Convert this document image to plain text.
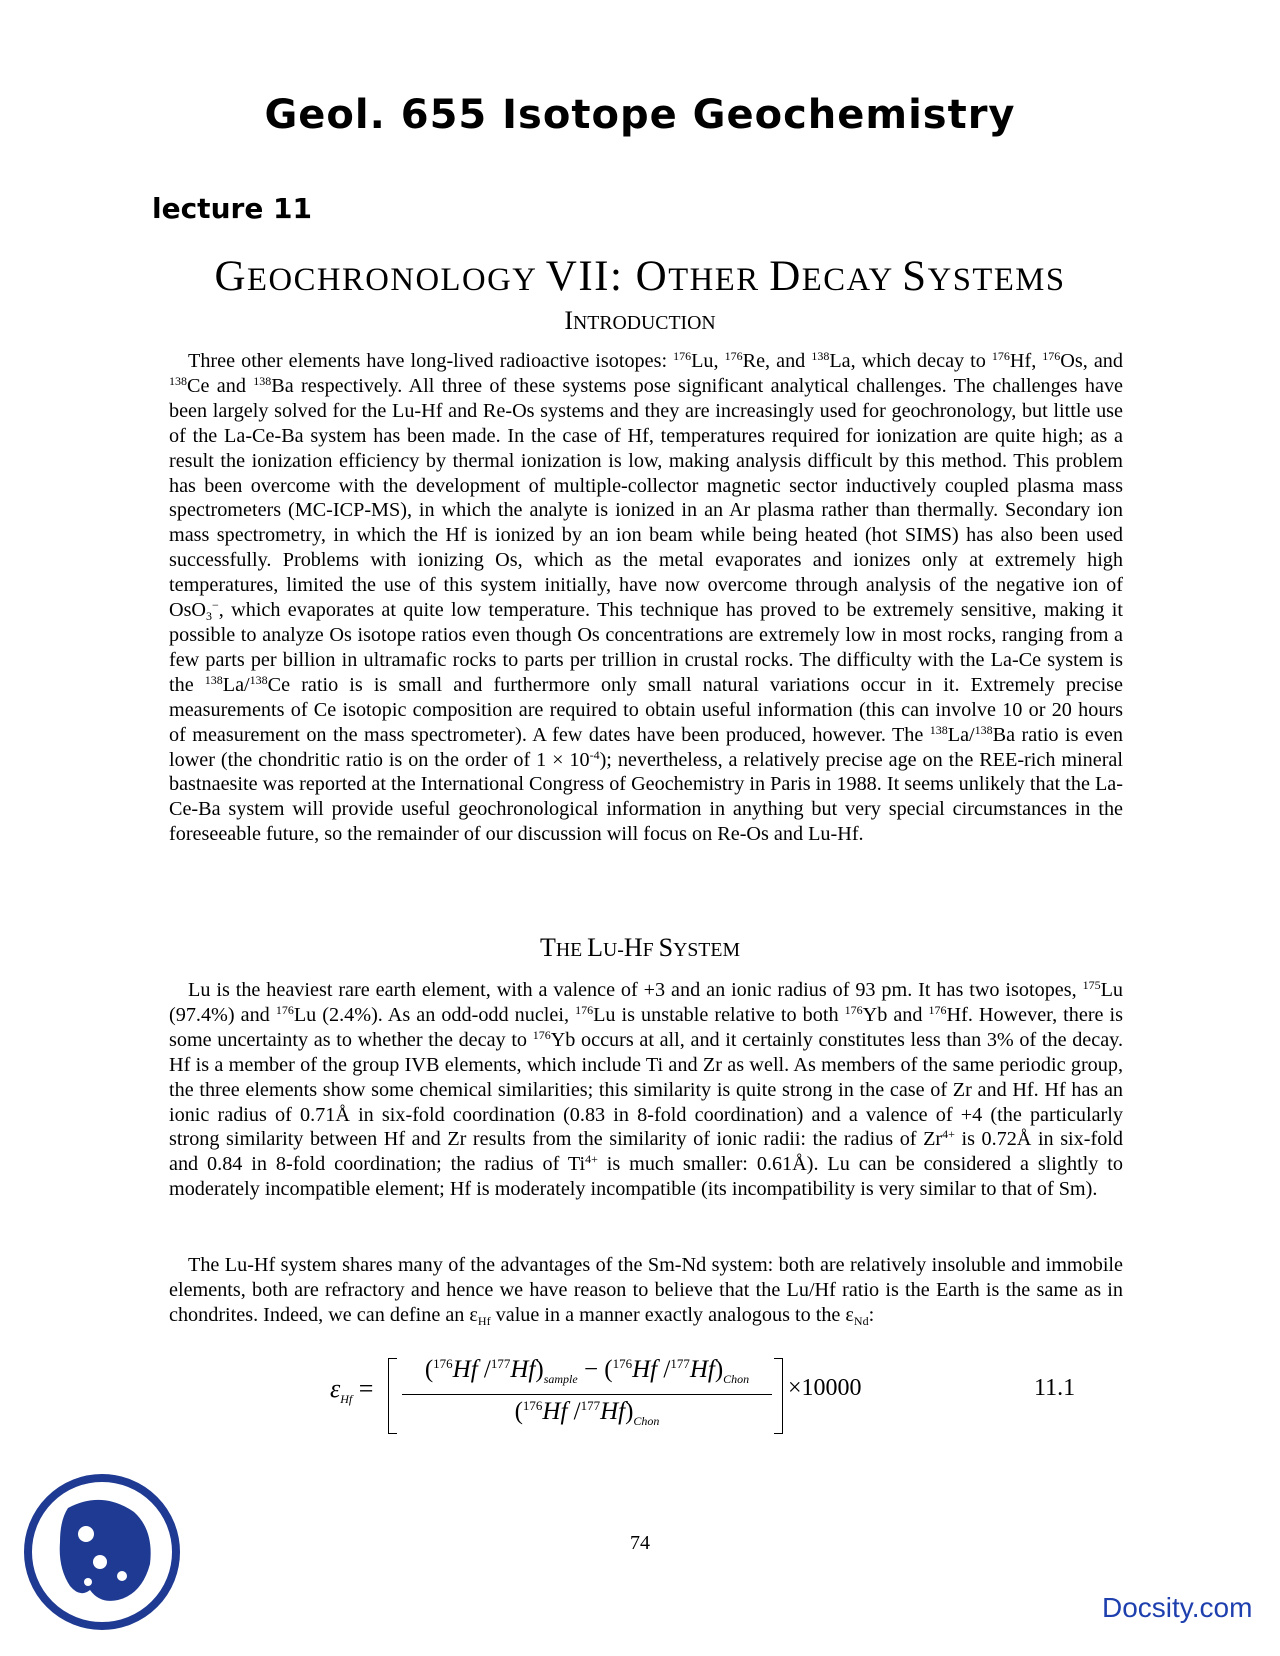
Geol. 655 Isotope Geochemistry
lecture 11
GEOCHRONOLOGY VII: OTHER DECAY SYSTEMS
INTRODUCTION

Three other elements have long-lived radioactive isotopes: $^{176}$Lu, $^{176}$Re, and $^{138}$La, which decay to $^{176}$Hf, $^{176}$Os, and $^{138}$Ce and $^{138}$Ba respectively. All three of these systems pose significant analytical challenges. The challenges have been largely solved for the Lu-Hf and Re-Os systems and they are increasingly used for geochronology, but little use of the La-Ce-Ba system has been made. In the case of Hf, temperatures required for ionization are quite high; as a result the ionization efficiency by thermal ionization is low, making analysis difficult by this method. This problem has been overcome with the development of multiple-collector magnetic sector inductively coupled plasma mass spectrometers (MC-ICP-MS), in which the analyte is ionized in an Ar plasma rather than thermally. Secondary ion mass spectrometry, in which the Hf is ionized by an ion beam while being heated (hot SIMS) has also been used successfully. Problems with ionizing Os, which as the metal evaporates and ionizes only at extremely high temperatures, limited the use of this system initially, have now overcome through analysis of the negative ion of OsO$_3$−, which evaporates at quite low temperature. This technique has proved to be extremely sensitive, making it possible to analyze Os isotope ratios even though Os concentrations are extremely low in most rocks, ranging from a few parts per billion in ultramafic rocks to parts per trillion in crustal rocks. The difficulty with the La-Ce system is the $^{138}$La/$^{138}$Ce ratio is is small and furthermore only small natural variations occur in it. Extremely precise measurements of Ce isotopic composition are required to obtain useful information (this can involve 10 or 20 hours of measurement on the mass spectrometer). A few dates have been produced, however. The $^{138}$La/$^{138}$Ba ratio is even lower (the chondritic ratio is on the order of $1 \times 10^{-4}$); nevertheless, a relatively precise age on the REE-rich mineral bastnaesite was reported at the International Congress of Geochemistry in Paris in 1988. It seems unlikely that the La-Ce-Ba system will provide useful geochronological information in anything but very special circumstances in the foreseeable future, so the remainder of our discussion will focus on Re-Os and Lu-Hf.

THE LU-HF SYSTEM

Lu is the heaviest rare earth element, with a valence of +3 and an ionic radius of 93 pm. It has two isotopes, $^{175}$Lu (97.4%) and $^{176}$Lu (2.4%). As an odd-odd nuclei, $^{176}$Lu is unstable relative to both $^{176}$Yb and $^{176}$Hf. However, there is some uncertainty as to whether the decay to $^{176}$Yb occurs at all, and it certainly constitutes less than 3% of the decay. Hf is a member of the group IVB elements, which include Ti and Zr as well. As members of the same periodic group, the three elements show some chemical similarities; this similarity is quite strong in the case of Zr and Hf. Hf has an ionic radius of 0.71Å in six-fold coordination (0.83 in 8-fold coordination) and a valence of +4 (the particularly strong similarity between Hf and Zr results from the similarity of ionic radii: the radius of $Zr^{4+}$ is 0.72Å in six-fold and 0.84 in 8-fold coordination; the radius of $Ti^{4+}$ is much smaller: 0.61Å). Lu can be considered a slightly to moderately incompatible element; Hf is moderately incompatible (its incompatibility is very similar to that of Sm).

The Lu-Hf system shares many of the advantages of the Sm-Nd system: both are relatively insoluble and immobile elements, both are refractory and hence we have reason to believe that the Lu/Hf ratio is the Earth is the same as in chondrites. Indeed, we can define an $\varepsilon_{Hf}$ value in a manner exactly analogous to the $\varepsilon_{Nd}$:

$\varepsilon_{Hf}$ =
($^{176}$Hf $/^{177}Hf)_{sample} - (^{176}Hf$ $/^{177}Hf)_{Chon}$
($^{176}$Hf $/^{177}Hf)_{Chon}$
×10000	11.1

74

Docsity.com
